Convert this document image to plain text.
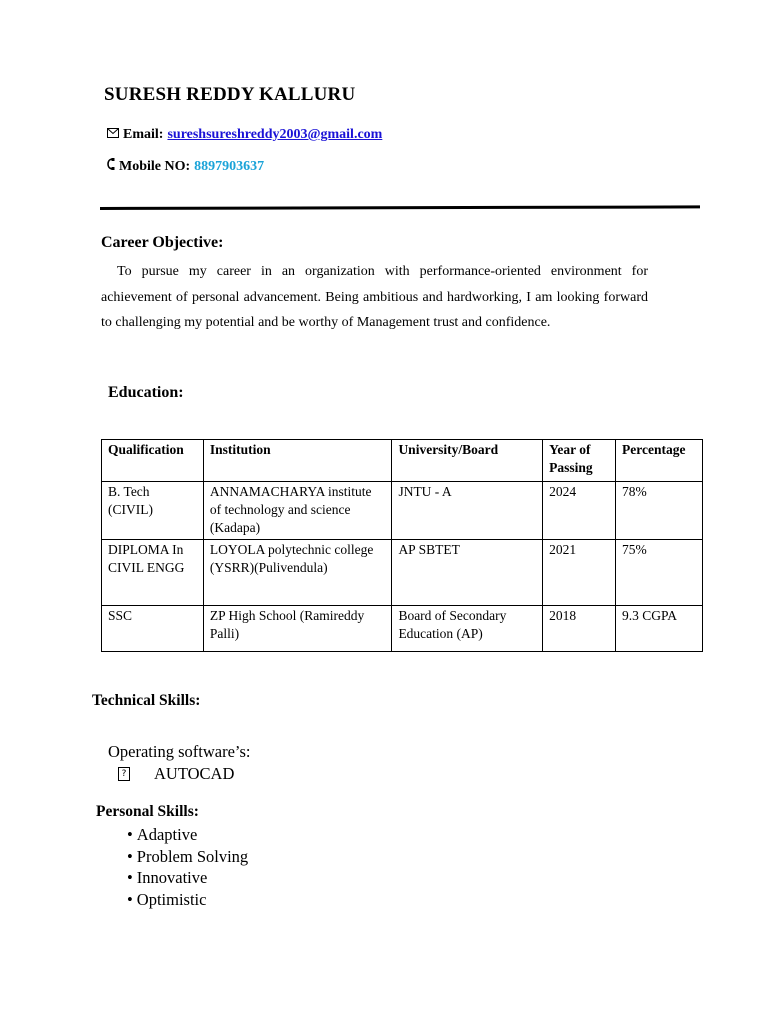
SURESH REDDY KALLURU
Email: sureshsureshreddy2003@gmail.com
Mobile NO: 8897903637
Career Objective:
To pursue my career in an organization with performance-oriented environment for achievement of personal advancement. Being ambitious and hardworking, I am looking forward to challenging my potential and be worthy of Management trust and confidence.
Education:
Qualification	Institution	University/Board	Year of Passing	Percentage
B. Tech (CIVIL)	ANNAMACHARYA institute of technology and science (Kadapa)	JNTU - A	2024	78%
DIPLOMA In CIVIL ENGG	LOYOLA polytechnic college (YSRR)(Pulivendula)	AP SBTET	2021	75%
SSC	ZP High School (Ramireddy Palli)	Board of Secondary Education (AP)	2018	9.3 CGPA
Technical Skills:
Operating software’s:
? AUTOCAD
Personal Skills:
• Adaptive
• Problem Solving
• Innovative
• Optimistic
